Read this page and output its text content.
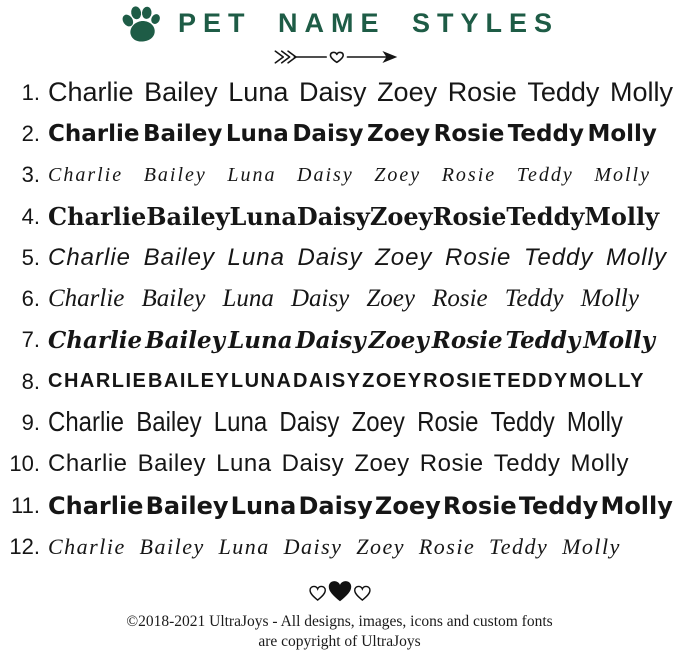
PET NAME STYLES
1. Charlie Bailey Luna Daisy Zoey Rosie Teddy Molly
2. Charlie Bailey Luna Daisy Zoey Rosie Teddy Molly
3. Charlie Bailey Luna Daisy Zoey Rosie Teddy Molly
4. Charlie Bailey Luna Daisy Zoey Rosie Teddy Molly
5. Charlie Bailey Luna Daisy Zoey Rosie Teddy Molly
6. Charlie Bailey Luna Daisy Zoey Rosie Teddy Molly
7. Charlie Bailey Luna Daisy Zoey Rosie Teddy Molly
8. CHARLIE BAILEY LUNA DAISY ZOEY ROSIE TEDDY MOLLY
9. Charlie Bailey Luna Daisy Zoey Rosie Teddy Molly
10. Charlie Bailey Luna Daisy Zoey Rosie Teddy Molly
11. Charlie Bailey Luna Daisy Zoey Rosie Teddy Molly
12. Charlie Bailey Luna Daisy Zoey Rosie Teddy Molly
©2018-2021 UltraJoys - All designs, images, icons and custom fonts
are copyright of UltraJoys
